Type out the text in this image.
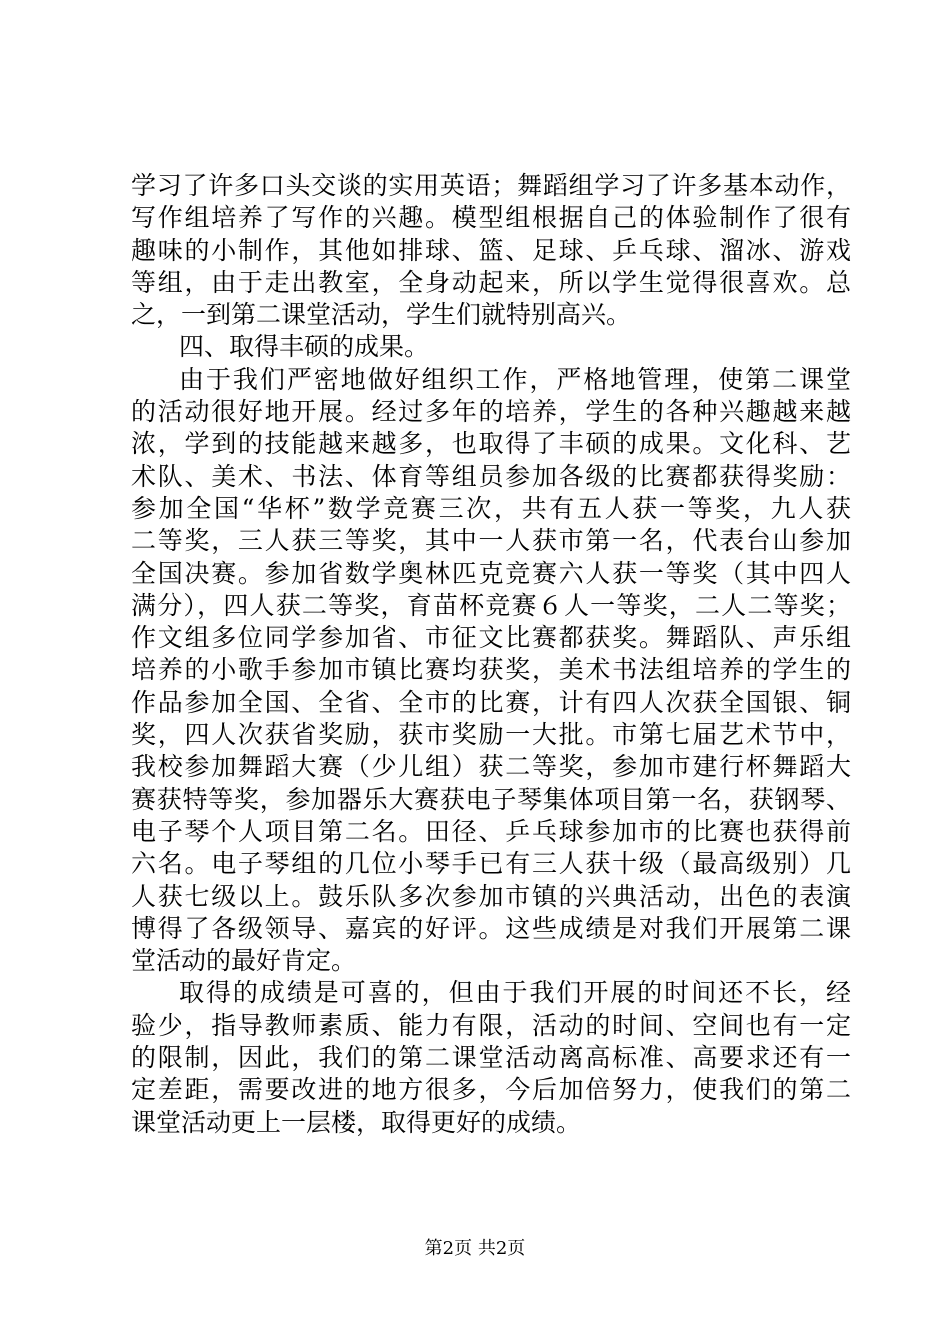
学习了许多口头交谈的实用英语；舞蹈组学习了许多基本动作，
写作组培养了写作的兴趣。模型组根据自己的体验制作了很有
趣味的小制作，其他如排球、篮、足球、乒乓球、溜冰、游戏
等组，由于走出教室，全身动起来，所以学生觉得很喜欢。总
之，一到第二课堂活动，学生们就特别高兴。
四、取得丰硕的成果。
由于我们严密地做好组织工作，严格地管理，使第二课堂
的活动很好地开展。经过多年的培养，学生的各种兴趣越来越
浓，学到的技能越来越多，也取得了丰硕的成果。文化科、艺
术队、美术、书法、体育等组员参加各级的比赛都获得奖励：
参加全国“华杯”数学竞赛三次，共有五人获一等奖，九人获
二等奖，三人获三等奖，其中一人获市第一名，代表台山参加
全国决赛。参加省数学奥林匹克竞赛六人获一等奖（其中四人
满分），四人获二等奖，育苗杯竞赛６人一等奖，二人二等奖；
作文组多位同学参加省、市征文比赛都获奖。舞蹈队、声乐组
培养的小歌手参加市镇比赛均获奖，美术书法组培养的学生的
作品参加全国、全省、全市的比赛，计有四人次获全国银、铜
奖，四人次获省奖励，获市奖励一大批。市第七届艺术节中，
我校参加舞蹈大赛（少儿组）获二等奖，参加市建行杯舞蹈大
赛获特等奖，参加器乐大赛获电子琴集体项目第一名，获钢琴、
电子琴个人项目第二名。田径、乒乓球参加市的比赛也获得前
六名。电子琴组的几位小琴手已有三人获十级（最高级别）几
人获七级以上。鼓乐队多次参加市镇的兴典活动，出色的表演
博得了各级领导、嘉宾的好评。这些成绩是对我们开展第二课
堂活动的最好肯定。
取得的成绩是可喜的，但由于我们开展的时间还不长，经
验少，指导教师素质、能力有限，活动的时间、空间也有一定
的限制，因此，我们的第二课堂活动离高标准、高要求还有一
定差距，需要改进的地方很多，今后加倍努力，使我们的第二
课堂活动更上一层楼，取得更好的成绩。
第2页 共2页
